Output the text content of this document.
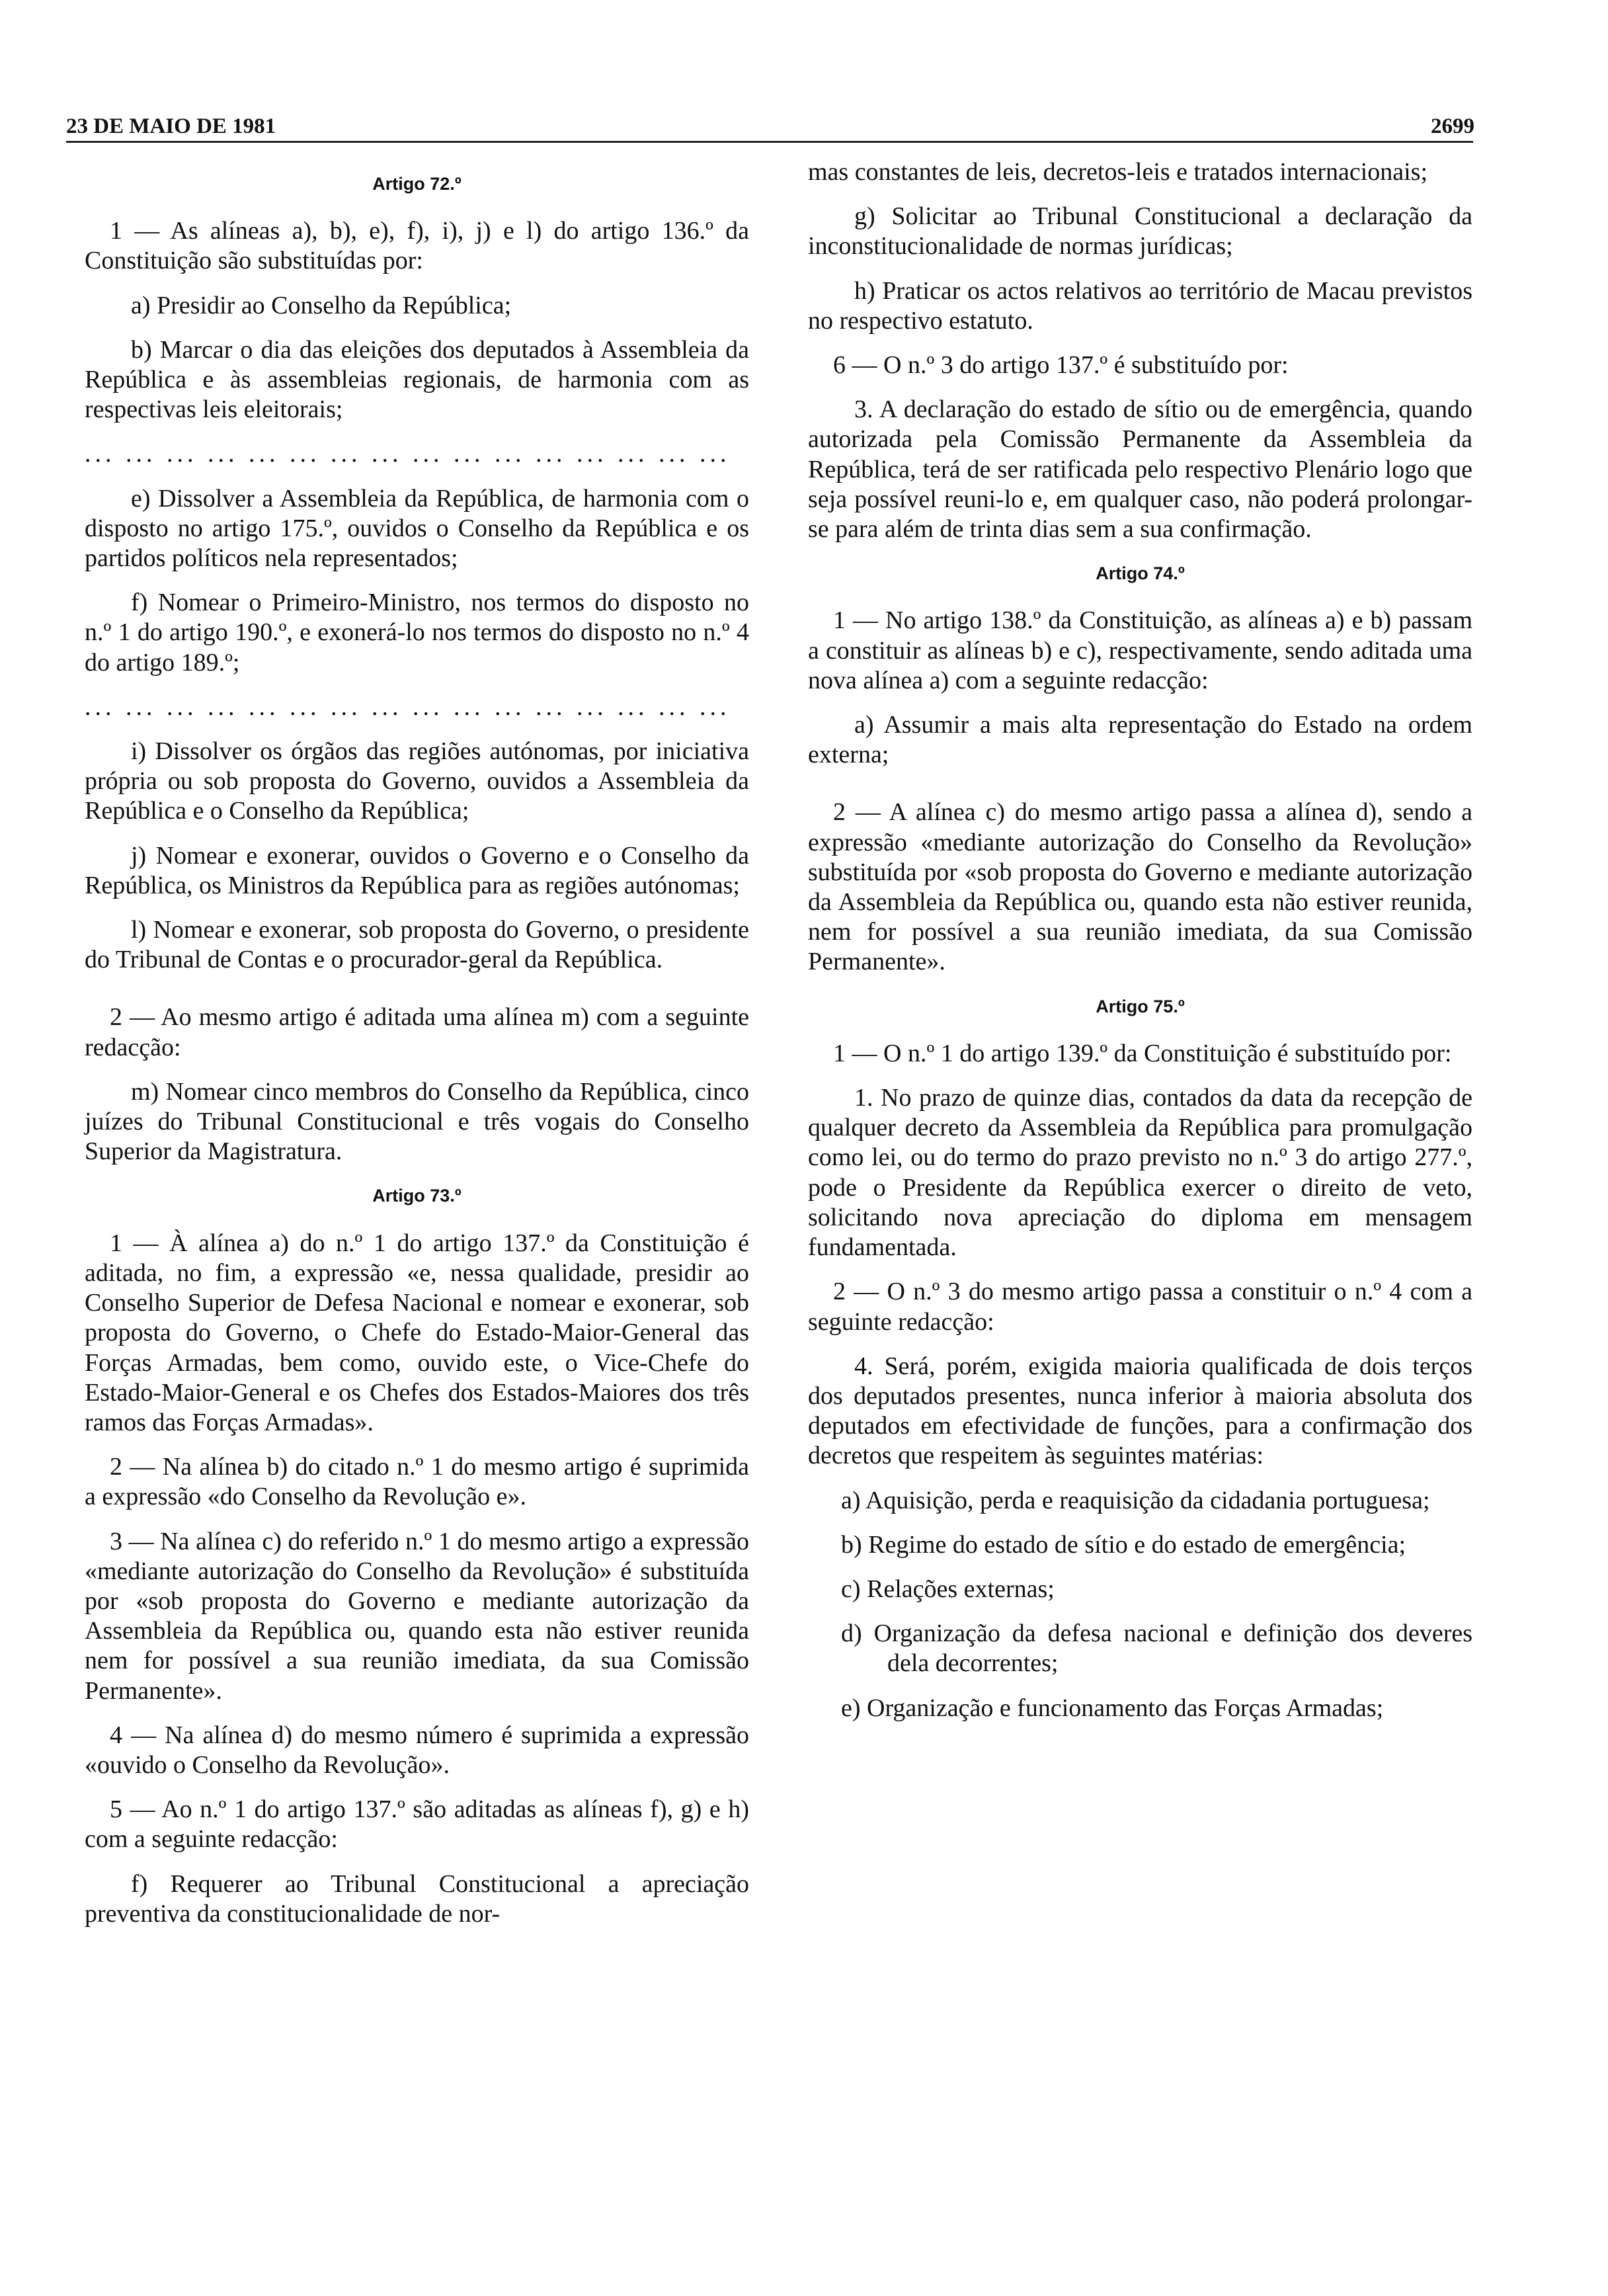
23 DE MAIO DE 1981	2699
Artigo 72.º

1 — As alíneas a), b), e), f), i), j) e l) do artigo 136.º da Constituição são substituídas por:

a) Presidir ao Conselho da República;

b) Marcar o dia das eleições dos deputados à Assembleia da República e às assembleias regionais, de harmonia com as respectivas leis eleitorais;

... ... ... ... ... ... ... ... ... ... ... ... ... ... ... ...

e) Dissolver a Assembleia da República, de harmonia com o disposto no artigo 175.º, ouvidos o Conselho da República e os partidos políticos nela representados;

f) Nomear o Primeiro-Ministro, nos termos do disposto no n.º 1 do artigo 190.º, e exonerá-lo nos termos do disposto no n.º 4 do artigo 189.º;

... ... ... ... ... ... ... ... ... ... ... ... ... ... ... ...

i) Dissolver os órgãos das regiões autónomas, por iniciativa própria ou sob proposta do Governo, ouvidos a Assembleia da República e o Conselho da República;

j) Nomear e exonerar, ouvidos o Governo e o Conselho da República, os Ministros da República para as regiões autónomas;

l) Nomear e exonerar, sob proposta do Governo, o presidente do Tribunal de Contas e o procurador-geral da República.

2 — Ao mesmo artigo é aditada uma alínea m) com a seguinte redacção:

m) Nomear cinco membros do Conselho da República, cinco juízes do Tribunal Constitucional e três vogais do Conselho Superior da Magistratura.

Artigo 73.º

1 — À alínea a) do n.º 1 do artigo 137.º da Constituição é aditada, no fim, a expressão «e, nessa qualidade, presidir ao Conselho Superior de Defesa Nacional e nomear e exonerar, sob proposta do Governo, o Chefe do Estado-Maior-General das Forças Armadas, bem como, ouvido este, o Vice-Chefe do Estado-Maior-General e os Chefes dos Estados-Maiores dos três ramos das Forças Armadas».

2 — Na alínea b) do citado n.º 1 do mesmo artigo é suprimida a expressão «do Conselho da Revolução e».

3 — Na alínea c) do referido n.º 1 do mesmo artigo a expressão «mediante autorização do Conselho da Revolução» é substituída por «sob proposta do Governo e mediante autorização da Assembleia da República ou, quando esta não estiver reunida nem for possível a sua reunião imediata, da sua Comissão Permanente».

4 — Na alínea d) do mesmo número é suprimida a expressão «ouvido o Conselho da Revolução».

5 — Ao n.º 1 do artigo 137.º são aditadas as alíneas f), g) e h) com a seguinte redacção:

f) Requerer ao Tribunal Constitucional a apreciação preventiva da constitucionalidade de nor-

mas constantes de leis, decretos-leis e tratados internacionais;

g) Solicitar ao Tribunal Constitucional a declaração da inconstitucionalidade de normas jurídicas;

h) Praticar os actos relativos ao território de Macau previstos no respectivo estatuto.

6 — O n.º 3 do artigo 137.º é substituído por:

3. A declaração do estado de sítio ou de emergência, quando autorizada pela Comissão Permanente da Assembleia da República, terá de ser ratificada pelo respectivo Plenário logo que seja possível reuni-lo e, em qualquer caso, não poderá prolongar-se para além de trinta dias sem a sua confirmação.

Artigo 74.º

1 — No artigo 138.º da Constituição, as alíneas a) e b) passam a constituir as alíneas b) e c), respectivamente, sendo aditada uma nova alínea a) com a seguinte redacção:

a) Assumir a mais alta representação do Estado na ordem externa;

2 — A alínea c) do mesmo artigo passa a alínea d), sendo a expressão «mediante autorização do Conselho da Revolução» substituída por «sob proposta do Governo e mediante autorização da Assembleia da República ou, quando esta não estiver reunida, nem for possível a sua reunião imediata, da sua Comissão Permanente».

Artigo 75.º

1 — O n.º 1 do artigo 139.º da Constituição é substituído por:

1. No prazo de quinze dias, contados da data da recepção de qualquer decreto da Assembleia da República para promulgação como lei, ou do termo do prazo previsto no n.º 3 do artigo 277.º, pode o Presidente da República exercer o direito de veto, solicitando nova apreciação do diploma em mensagem fundamentada.

2 — O n.º 3 do mesmo artigo passa a constituir o n.º 4 com a seguinte redacção:

4. Será, porém, exigida maioria qualificada de dois terços dos deputados presentes, nunca inferior à maioria absoluta dos deputados em efectividade de funções, para a confirmação dos decretos que respeitem às seguintes matérias:

a) Aquisição, perda e reaquisição da cidadania portuguesa;

b) Regime do estado de sítio e do estado de emergência;

c) Relações externas;

d) Organização da defesa nacional e definição dos deveres dela decorrentes;

e) Organização e funcionamento das Forças Armadas;
